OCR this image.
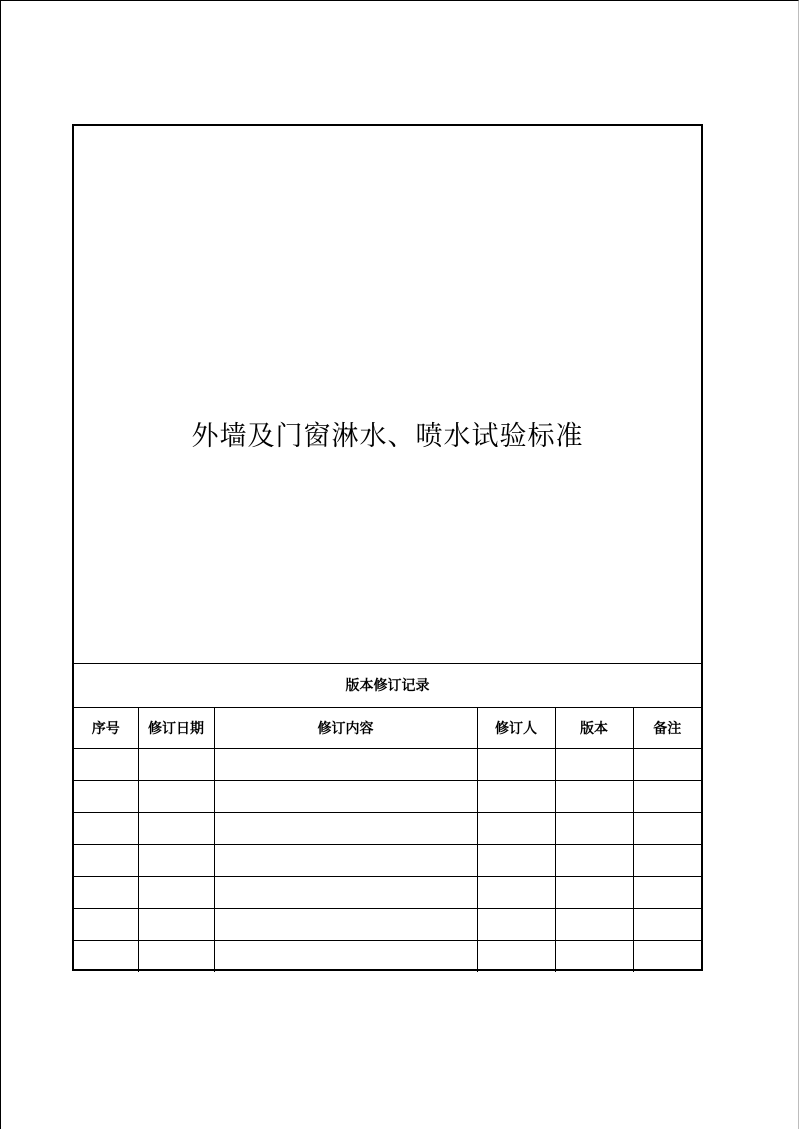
外墙及门窗淋水、喷水试验标准
版本修订记录
序号	修订日期	修订内容	修订人	版本	备注
